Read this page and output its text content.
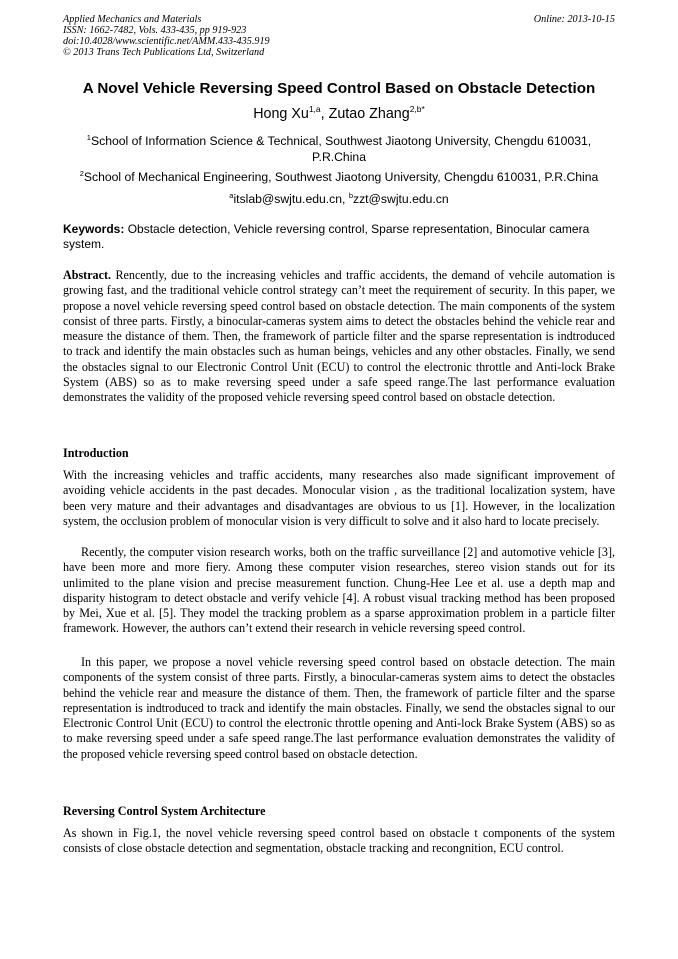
Applied Mechanics and Materials
ISSN: 1662-7482, Vols. 433-435, pp 919-923
doi:10.4028/www.scientific.net/AMM.433-435.919
© 2013 Trans Tech Publications Ltd, Switzerland
Online: 2013-10-15
A Novel Vehicle Reversing Speed Control Based on Obstacle Detection
Hong Xu$^{1,a}$, Zutao Zhang$^{2,b*}$
$^1$School of Information Science & Technical, Southwest Jiaotong University, Chengdu 610031, P.R.China
$^2$School of Mechanical Engineering, Southwest Jiaotong University, Chengdu 610031, P.R.China
$^a$itslab@swjtu.edu.cn, $^b$zzt@swjtu.edu.cn
Keywords: Obstacle detection, Vehicle reversing control, Sparse representation, Binocular camera system.
Abstract. Rencently, due to the increasing vehicles and traffic accidents, the demand of vehcile automation is growing fast, and the traditional vehicle control strategy can’t meet the requirement of security. In this paper, we propose a novel vehicle reversing speed control based on obstacle detection. The main components of the system consist of three parts. Firstly, a binocular-cameras system aims to detect the obstacles behind the vehicle rear and measure the distance of them. Then, the framework of particle filter and the sparse representation is indtroduced to track and identify the main obstacles such as human beings, vehicles and any other obstacles. Finally, we send the obstacles signal to our Electronic Control Unit (ECU) to control the electronic throttle and Anti-lock Brake System (ABS) so as to make reversing speed under a safe speed range.The last performance evaluation demonstrates the validity of the proposed vehicle reversing speed control based on obstacle detection.
Introduction
With the increasing vehicles and traffic accidents, many researches also made significant improvement of avoiding vehicle accidents in the past decades. Monocular vision , as the traditional localization system, have been very mature and their advantages and disadvantages are obvious to us [1]. However, in the localization system, the occlusion problem of monocular vision is very difficult to solve and it also hard to locate precisely.
Recently, the computer vision research works, both on the traffic surveillance [2] and automotive vehicle [3], have been more and more fiery. Among these computer vision researches, stereo vision stands out for its unlimited to the plane vision and precise measurement function. Chung-Hee Lee et al. use a depth map and disparity histogram to detect obstacle and verify vehicle [4]. A robust visual tracking method has been proposed by Mei, Xue et al. [5]. They model the tracking problem as a sparse approximation problem in a particle filter framework. However, the authors can’t extend their research in vehicle reversing speed control.
In this paper, we propose a novel vehicle reversing speed control based on obstacle detection. The main components of the system consist of three parts. Firstly, a binocular-cameras system aims to detect the obstacles behind the vehicle rear and measure the distance of them. Then, the framework of particle filter and the sparse representation is indtroduced to track and identify the main obstacles. Finally, we send the obstacles signal to our Electronic Control Unit (ECU) to control the electronic throttle opening and Anti-lock Brake System (ABS) so as to make reversing speed under a safe speed range.The last performance evaluation demonstrates the validity of the proposed vehicle reversing speed control based on obstacle detection.
Reversing Control System Architecture
As shown in Fig.1, the novel vehicle reversing speed control based on obstacle t components of the system consists of close obstacle detection and segmentation, obstacle tracking and recongnition, ECU control.
